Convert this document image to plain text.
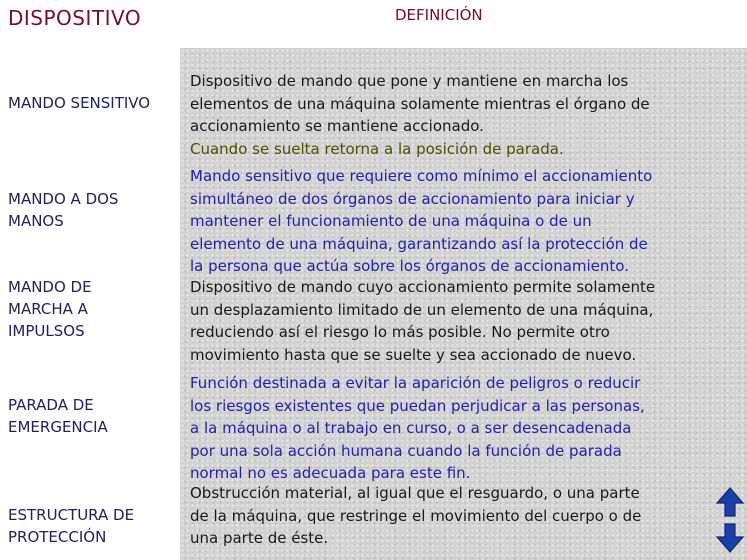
DISPOSITIVO	DEFINICIÓN
MANDO SENSITIVO
Dispositivo de mando que pone y mantiene en marcha los
elementos de una máquina solamente mientras el órgano de
accionamiento se mantiene accionado.
Cuando se suelta retorna a la posición de parada.
MANDO A DOS
MANOS
Mando sensitivo que requiere como mínimo el accionamiento
simultáneo de dos órganos de accionamiento para iniciar y
mantener el funcionamiento de una máquina o de un
elemento de una máquina, garantizando así la protección de
la persona que actúa sobre los órganos de accionamiento.
MANDO DE
MARCHA A
IMPULSOS
Dispositivo de mando cuyo accionamiento permite solamente
un desplazamiento limitado de un elemento de una máquina,
reduciendo así el riesgo lo más posible. No permite otro
movimiento hasta que se suelte y sea accionado de nuevo.
PARADA DE
EMERGENCIA
Función destinada a evitar la aparición de peligros o reducir
los riesgos existentes que puedan perjudicar a las personas,
a la máquina o al trabajo en curso, o a ser desencadenada
por una sola acción humana cuando la función de parada
normal no es adecuada para este fin.
ESTRUCTURA DE
PROTECCIÓN
Obstrucción material, al igual que el resguardo, o una parte
de la máquina, que restringe el movimiento del cuerpo o de
una parte de éste.
